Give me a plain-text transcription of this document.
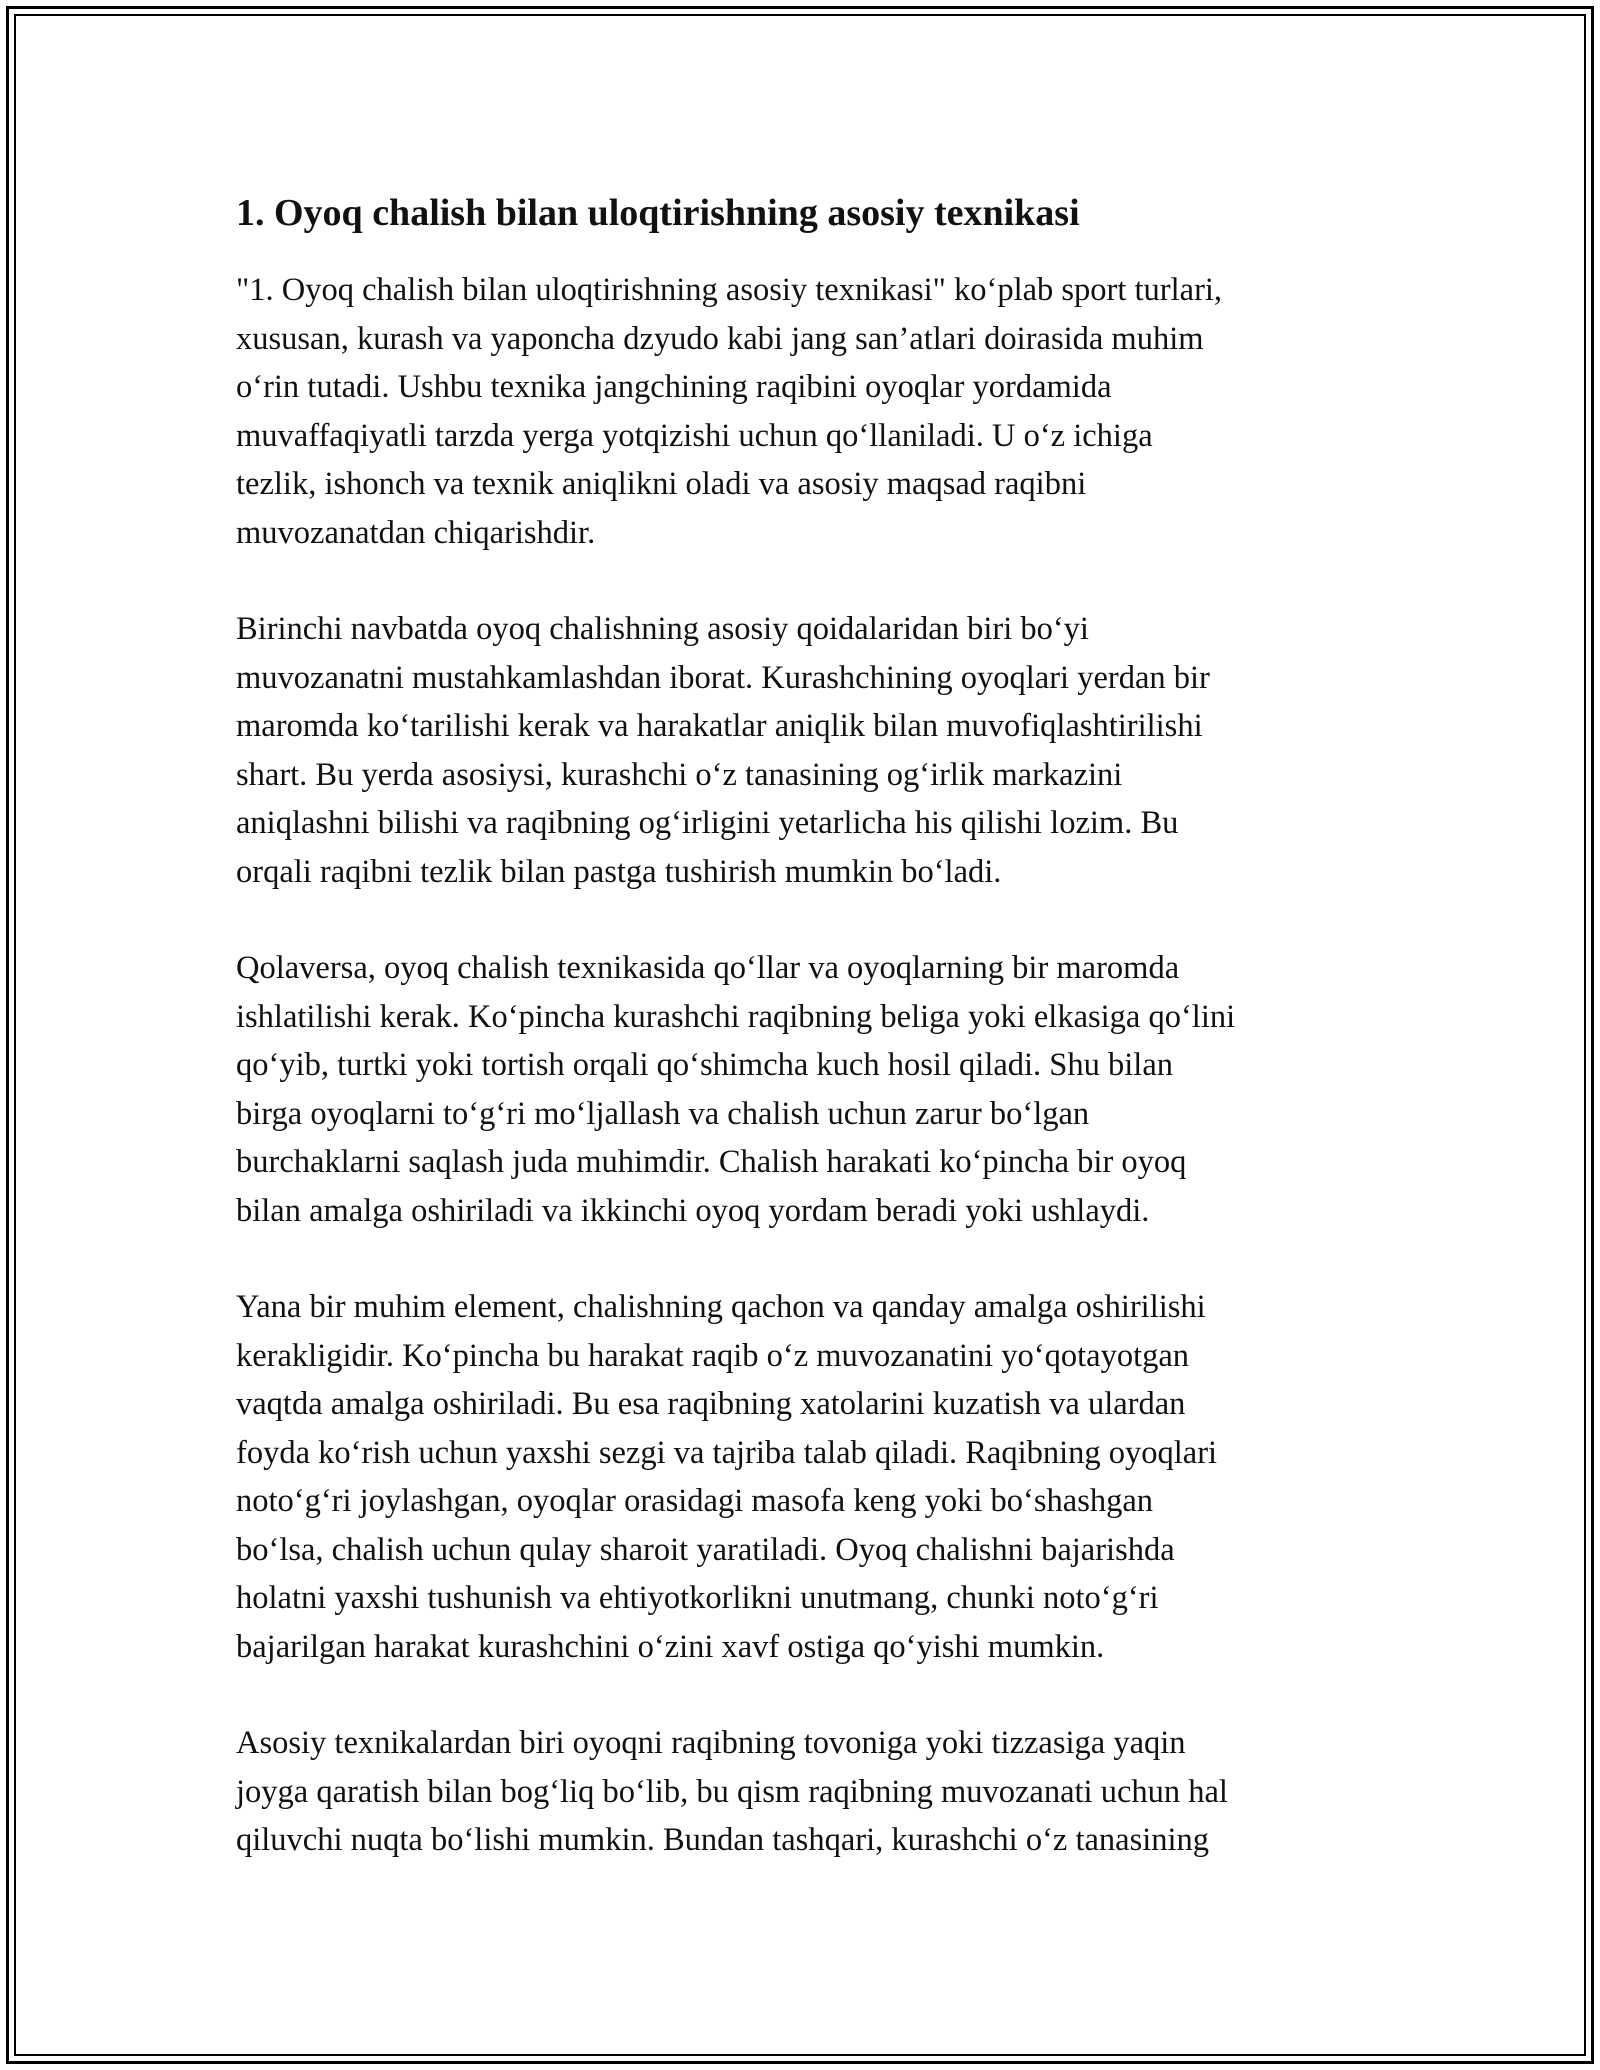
1. Oyoq chalish bilan uloqtirishning asosiy texnikasi

"1. Oyoq chalish bilan uloqtirishning asosiy texnikasi" ko‘plab sport turlari,
xususan, kurash va yaponcha dzyudo kabi jang san’atlari doirasida muhim
o‘rin tutadi. Ushbu texnika jangchining raqibini oyoqlar yordamida
muvaffaqiyatli tarzda yerga yotqizishi uchun qo‘llaniladi. U o‘z ichiga
tezlik, ishonch va texnik aniqlikni oladi va asosiy maqsad raqibni
muvozanatdan chiqarishdir.

Birinchi navbatda oyoq chalishning asosiy qoidalaridan biri bo‘yi
muvozanatni mustahkamlashdan iborat. Kurashchining oyoqlari yerdan bir
maromda ko‘tarilishi kerak va harakatlar aniqlik bilan muvofiqlashtirilishi
shart. Bu yerda asosiysi, kurashchi o‘z tanasining og‘irlik markazini
aniqlashni bilishi va raqibning og‘irligini yetarlicha his qilishi lozim. Bu
orqali raqibni tezlik bilan pastga tushirish mumkin bo‘ladi.

Qolaversa, oyoq chalish texnikasida qo‘llar va oyoqlarning bir maromda
ishlatilishi kerak. Ko‘pincha kurashchi raqibning beliga yoki elkasiga qo‘lini
qo‘yib, turtki yoki tortish orqali qo‘shimcha kuch hosil qiladi. Shu bilan
birga oyoqlarni to‘g‘ri mo‘ljallash va chalish uchun zarur bo‘lgan
burchaklarni saqlash juda muhimdir. Chalish harakati ko‘pincha bir oyoq
bilan amalga oshiriladi va ikkinchi oyoq yordam beradi yoki ushlaydi.

Yana bir muhim element, chalishning qachon va qanday amalga oshirilishi
kerakligidir. Ko‘pincha bu harakat raqib o‘z muvozanatini yo‘qotayotgan
vaqtda amalga oshiriladi. Bu esa raqibning xatolarini kuzatish va ulardan
foyda ko‘rish uchun yaxshi sezgi va tajriba talab qiladi. Raqibning oyoqlari
noto‘g‘ri joylashgan, oyoqlar orasidagi masofa keng yoki bo‘shashgan
bo‘lsa, chalish uchun qulay sharoit yaratiladi. Oyoq chalishni bajarishda
holatni yaxshi tushunish va ehtiyotkorlikni unutmang, chunki noto‘g‘ri
bajarilgan harakat kurashchini o‘zini xavf ostiga qo‘yishi mumkin.

Asosiy texnikalardan biri oyoqni raqibning tovoniga yoki tizzasiga yaqin
joyga qaratish bilan bog‘liq bo‘lib, bu qism raqibning muvozanati uchun hal
qiluvchi nuqta bo‘lishi mumkin. Bundan tashqari, kurashchi o‘z tanasining
